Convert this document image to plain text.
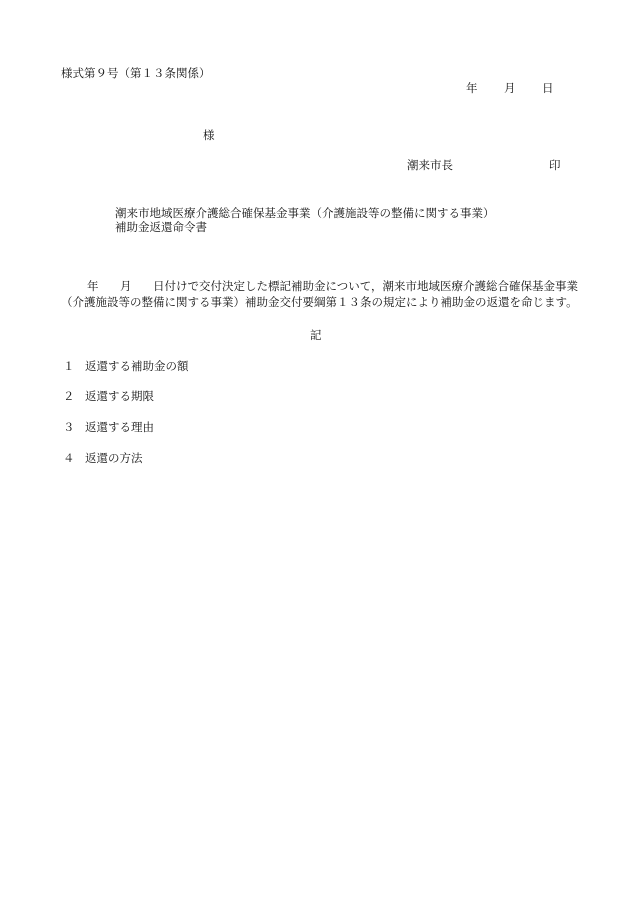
様式第９号（第１３条関係）

年 月 日

様

潮来市長	印

潮来市地域医療介護総合確保基金事業（介護施設等の整備に関する事業）

補助金返還命令書

年 月 日付けで交付決定した標記補助金について，潮来市地域医療介護総合確保基金事業（介護施設等の整備に関する事業）補助金交付要綱第１３条の規定により補助金の返還を命じます。

記

１ 返還する補助金の額

２ 返還する期限

３ 返還する理由

４ 返還の方法
